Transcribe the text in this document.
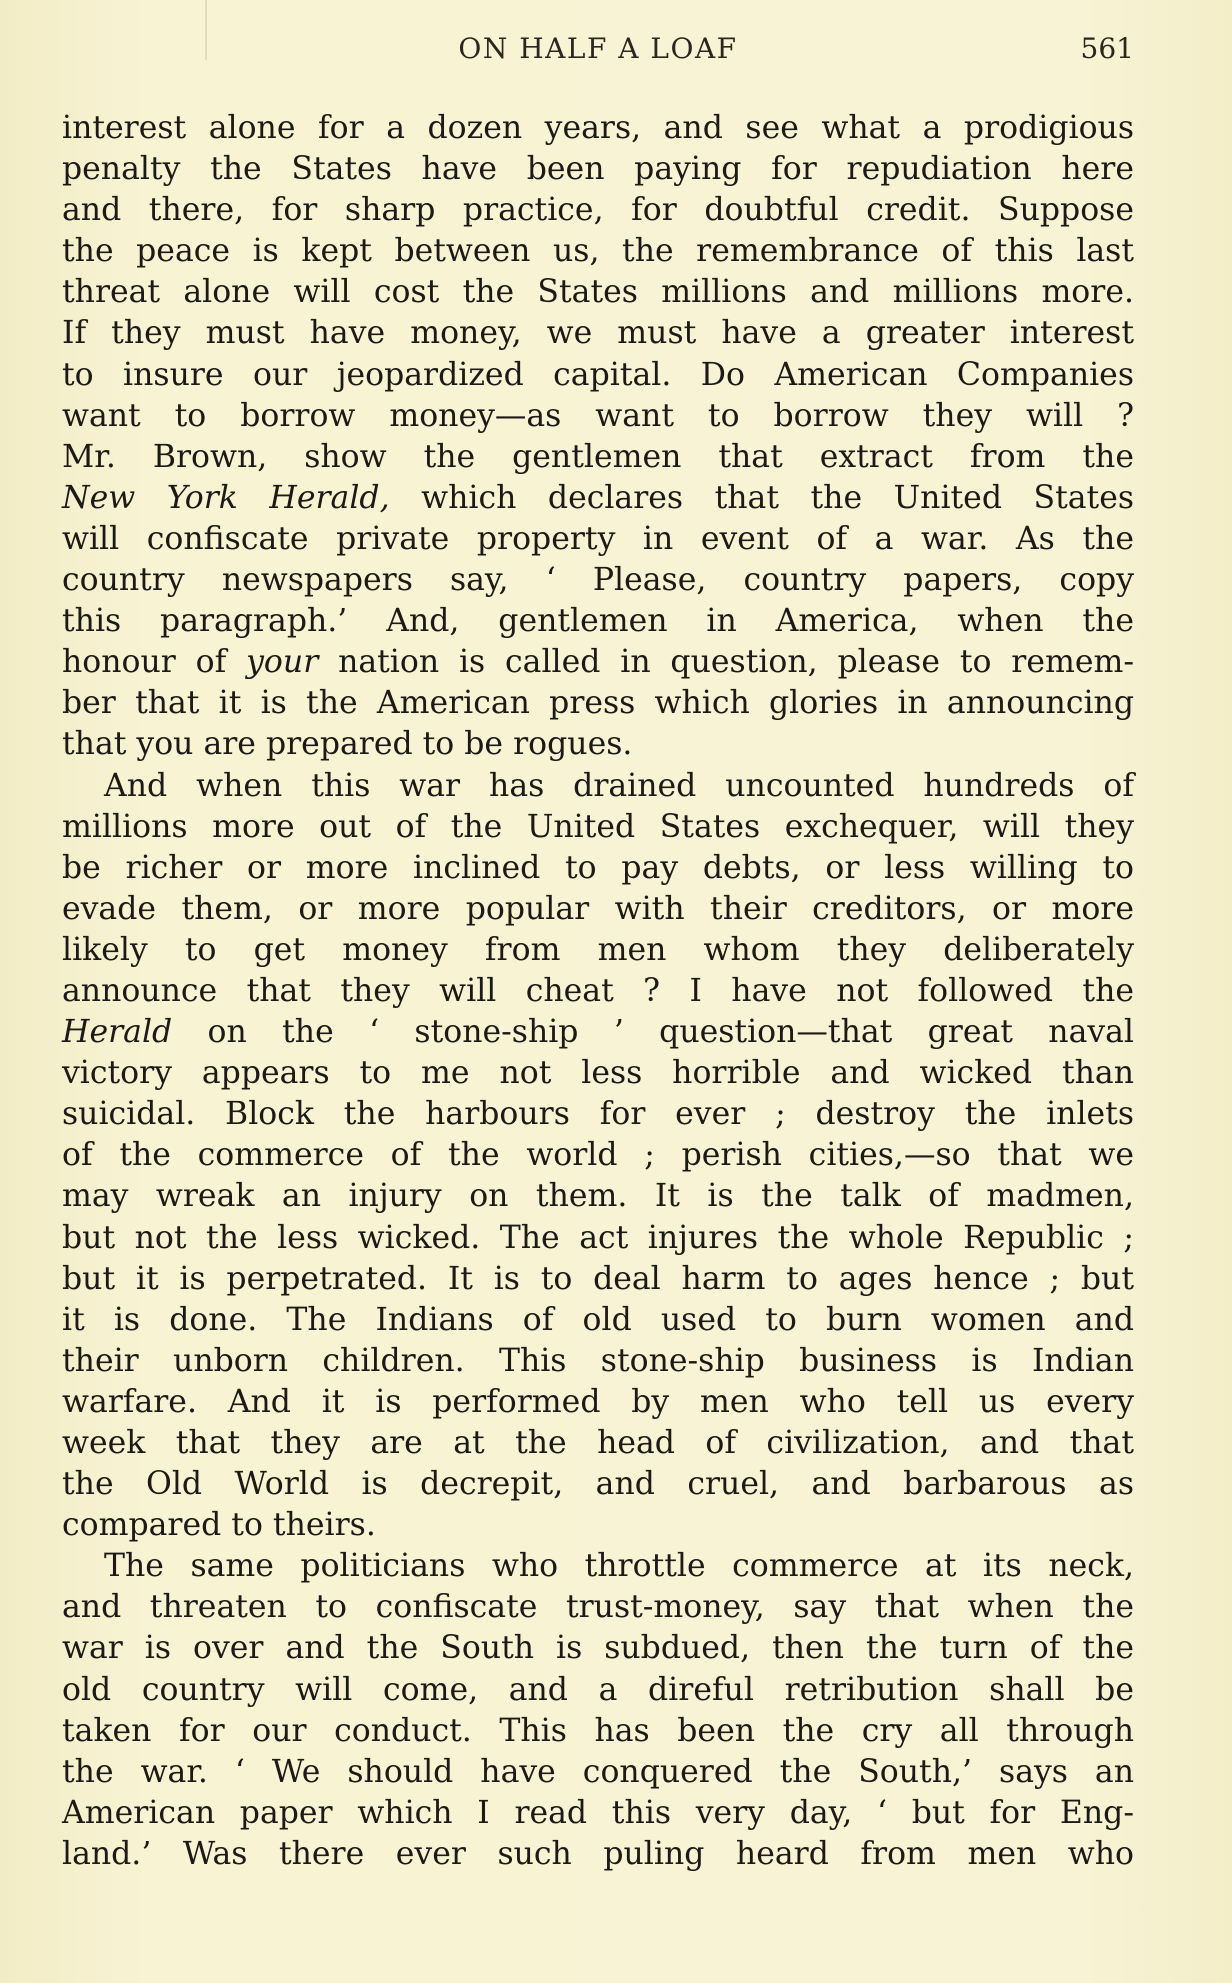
ON HALF A LOAF	561
interest alone for a dozen years, and see what a prodigious
penalty the States have been paying for repudiation here
and there, for sharp practice, for doubtful credit. Suppose
the peace is kept between us, the remembrance of this last
threat alone will cost the States millions and millions more.
If they must have money, we must have a greater interest
to insure our jeopardized capital. Do American Companies
want to borrow money—as want to borrow they will ?
Mr. Brown, show the gentlemen that extract from the
New York Herald, which declares that the United States
will confiscate private property in event of a war. As the
country newspapers say, ‘ Please, country papers, copy
this paragraph.’ And, gentlemen in America, when the
honour of your nation is called in question, please to remem-
ber that it is the American press which glories in announcing
that you are prepared to be rogues.
And when this war has drained uncounted hundreds of
millions more out of the United States exchequer, will they
be richer or more inclined to pay debts, or less willing to
evade them, or more popular with their creditors, or more
likely to get money from men whom they deliberately
announce that they will cheat ? I have not followed the
Herald on the ‘ stone-ship ’ question—that great naval
victory appears to me not less horrible and wicked than
suicidal. Block the harbours for ever ; destroy the inlets
of the commerce of the world ; perish cities,—so that we
may wreak an injury on them. It is the talk of madmen,
but not the less wicked. The act injures the whole Republic ;
but it is perpetrated. It is to deal harm to ages hence ; but
it is done. The Indians of old used to burn women and
their unborn children. This stone-ship business is Indian
warfare. And it is performed by men who tell us every
week that they are at the head of civilization, and that
the Old World is decrepit, and cruel, and barbarous as
compared to theirs.
The same politicians who throttle commerce at its neck,
and threaten to confiscate trust-money, say that when the
war is over and the South is subdued, then the turn of the
old country will come, and a direful retribution shall be
taken for our conduct. This has been the cry all through
the war. ‘ We should have conquered the South,’ says an
American paper which I read this very day, ‘ but for Eng-
land.’ Was there ever such puling heard from men who
